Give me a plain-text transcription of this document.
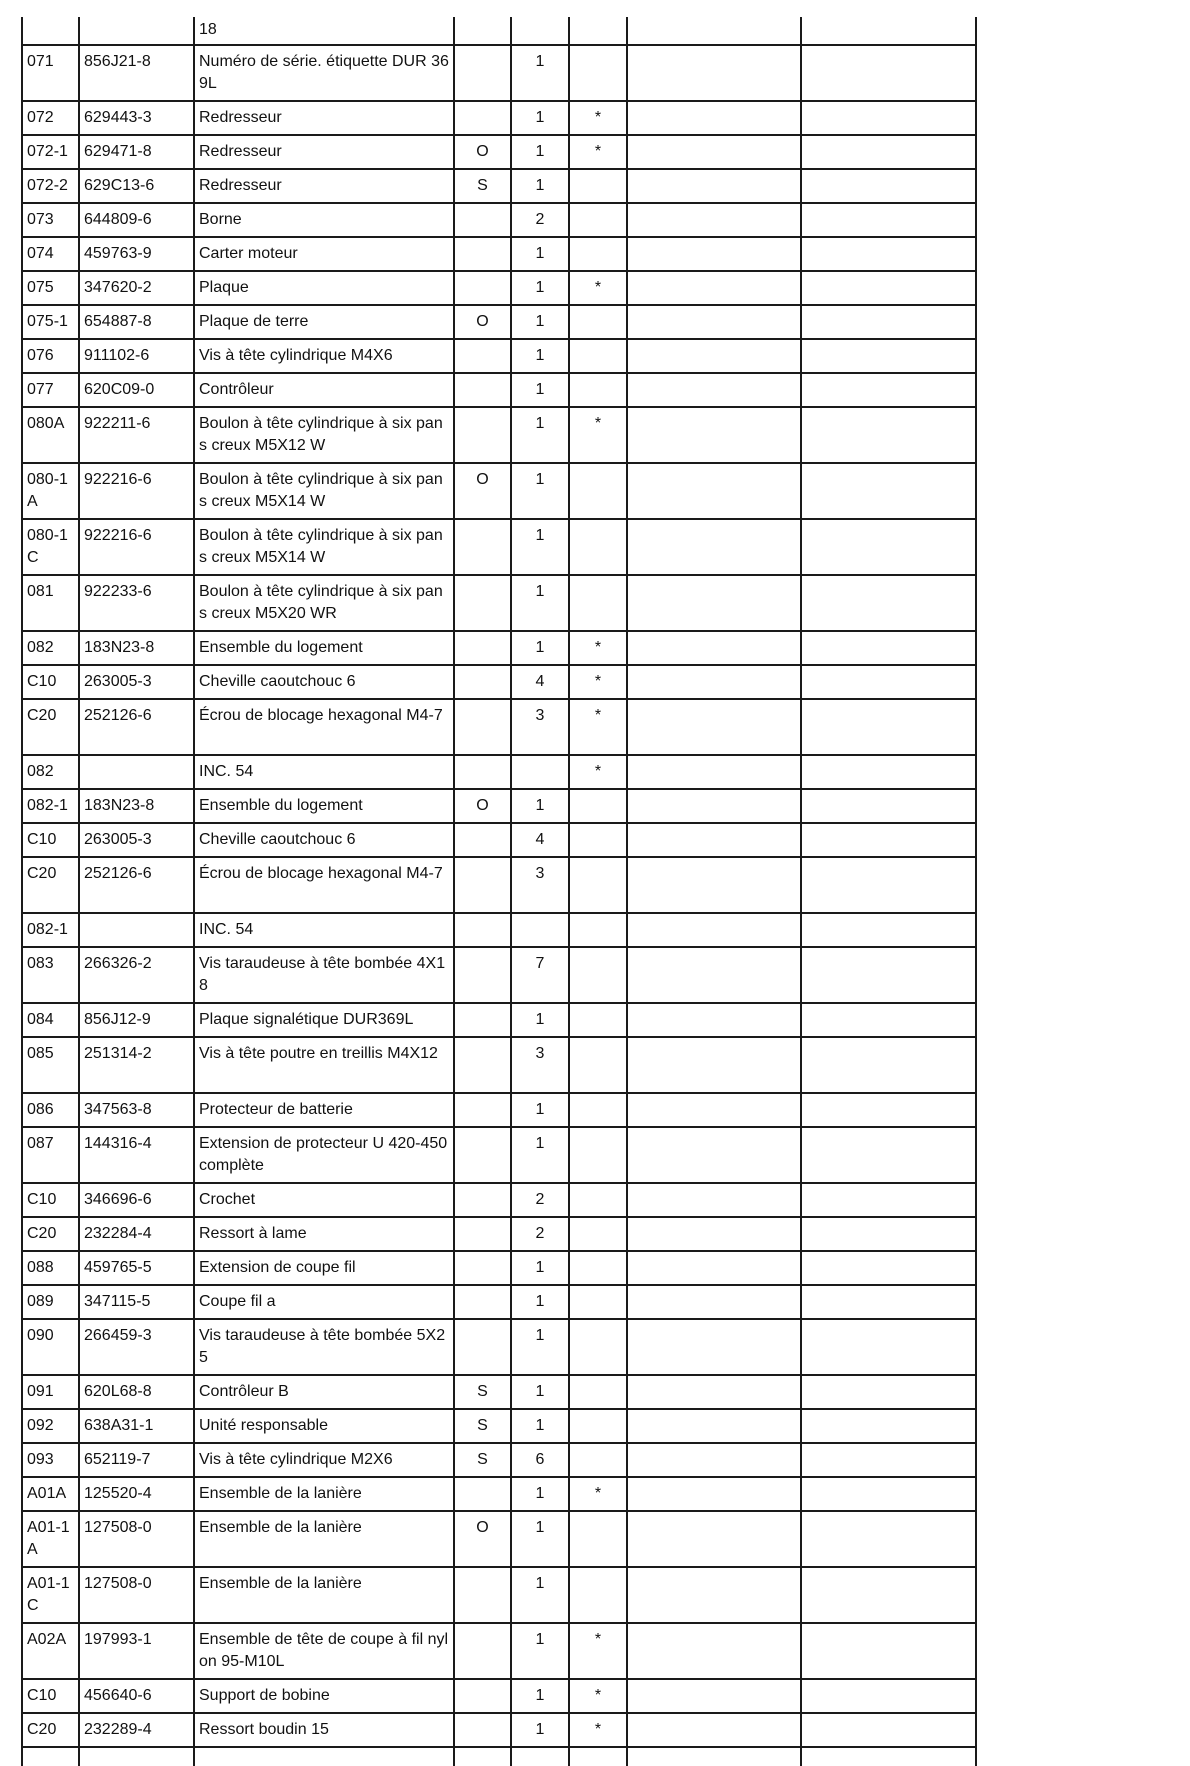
		18					
071	856J21-8	Numéro de série. étiquette DUR 369L		1			
072	629443-3	Redresseur		1	*		
072-1	629471-8	Redresseur	O	1	*		
072-2	629C13-6	Redresseur	S	1			
073	644809-6	Borne		2			
074	459763-9	Carter moteur		1			
075	347620-2	Plaque		1	*		
075-1	654887-8	Plaque de terre	O	1			
076	911102-6	Vis à tête cylindrique M4X6		1			
077	620C09-0	Contrôleur		1			
080A	922211-6	Boulon à tête cylindrique à six pans creux M5X12 W		1	*		
080-1A	922216-6	Boulon à tête cylindrique à six pans creux M5X14 W	O	1			
080-1C	922216-6	Boulon à tête cylindrique à six pans creux M5X14 W		1			
081	922233-6	Boulon à tête cylindrique à six pans creux M5X20 WR		1			
082	183N23-8	Ensemble du logement		1	*		
C10	263005-3	Cheville caoutchouc 6		4	*		
C20	252126-6	Écrou de blocage hexagonal M4-7		3	*		
082		INC. 54			*		
082-1	183N23-8	Ensemble du logement	O	1			
C10	263005-3	Cheville caoutchouc 6		4			
C20	252126-6	Écrou de blocage hexagonal M4-7		3			
082-1		INC. 54					
083	266326-2	Vis taraudeuse à tête bombée 4X18		7			
084	856J12-9	Plaque signalétique DUR369L		1			
085	251314-2	Vis à tête poutre en treillis M4X12		3			
086	347563-8	Protecteur de batterie		1			
087	144316-4	Extension de protecteur U 420-450 complète		1			
C10	346696-6	Crochet		2			
C20	232284-4	Ressort à lame		2			
088	459765-5	Extension de coupe fil		1			
089	347115-5	Coupe fil a		1			
090	266459-3	Vis taraudeuse à tête bombée 5X25		1			
091	620L68-8	Contrôleur B	S	1			
092	638A31-1	Unité responsable	S	1			
093	652119-7	Vis à tête cylindrique M2X6	S	6			
A01A	125520-4	Ensemble de la lanière		1	*		
A01-1A	127508-0	Ensemble de la lanière	O	1			
A01-1C	127508-0	Ensemble de la lanière		1			
A02A	197993-1	Ensemble de tête de coupe à fil nylon 95-M10L		1	*		
C10	456640-6	Support de bobine		1	*		
C20	232289-4	Ressort boudin 15		1	*		
